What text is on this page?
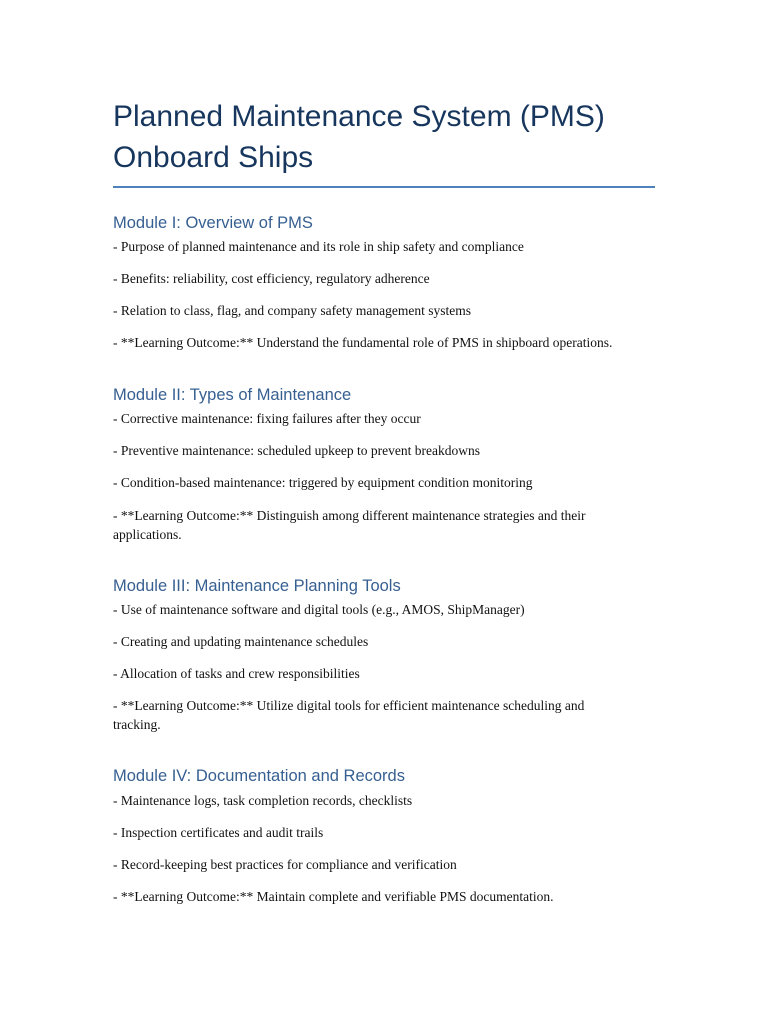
Planned Maintenance System (PMS) Onboard Ships
Module I: Overview of PMS

- Purpose of planned maintenance and its role in ship safety and compliance

- Benefits: reliability, cost efficiency, regulatory adherence

- Relation to class, flag, and company safety management systems

- **Learning Outcome:** Understand the fundamental role of PMS in shipboard operations.

Module II: Types of Maintenance

- Corrective maintenance: fixing failures after they occur

- Preventive maintenance: scheduled upkeep to prevent breakdowns

- Condition-based maintenance: triggered by equipment condition monitoring

- **Learning Outcome:** Distinguish among different maintenance strategies and their applications.

Module III: Maintenance Planning Tools

- Use of maintenance software and digital tools (e.g., AMOS, ShipManager)

- Creating and updating maintenance schedules

- Allocation of tasks and crew responsibilities

- **Learning Outcome:** Utilize digital tools for efficient maintenance scheduling and tracking.

Module IV: Documentation and Records

- Maintenance logs, task completion records, checklists

- Inspection certificates and audit trails

- Record-keeping best practices for compliance and verification

- **Learning Outcome:** Maintain complete and verifiable PMS documentation.
